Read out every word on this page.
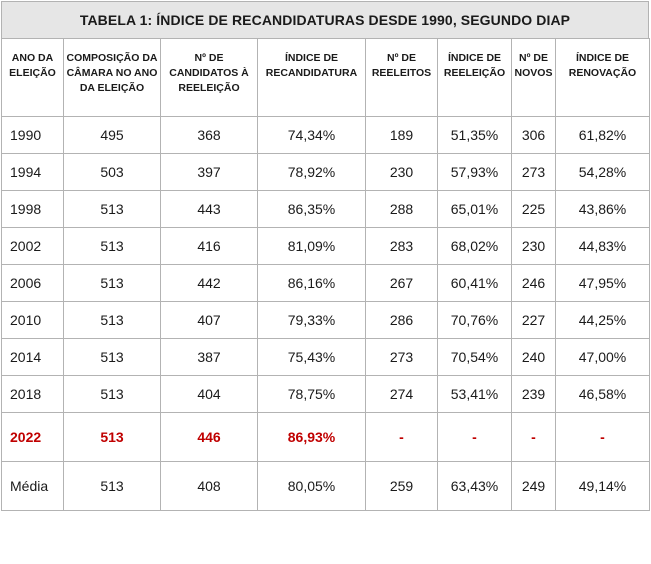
TABELA 1: ÍNDICE DE RECANDIDATURAS DESDE 1990, SEGUNDO DIAP
ANO DA ELEIÇÃO	COMPOSIÇÃO DA CÂMARA NO ANO DA ELEIÇÃO	Nº DE CANDIDATOS À REELEIÇÃO	ÍNDICE DE RECANDIDATURA	Nº DE REELEITOS	ÍNDICE DE REELEIÇÃO	Nº DE NOVOS	ÍNDICE DE RENOVAÇÃO
1990	495	368	74,34%	189	51,35%	306	61,82%
1994	503	397	78,92%	230	57,93%	273	54,28%
1998	513	443	86,35%	288	65,01%	225	43,86%
2002	513	416	81,09%	283	68,02%	230	44,83%
2006	513	442	86,16%	267	60,41%	246	47,95%
2010	513	407	79,33%	286	70,76%	227	44,25%
2014	513	387	75,43%	273	70,54%	240	47,00%
2018	513	404	78,75%	274	53,41%	239	46,58%
2022	513	446	86,93%	-	-	-	-
Média	513	408	80,05%	259	63,43%	249	49,14%
